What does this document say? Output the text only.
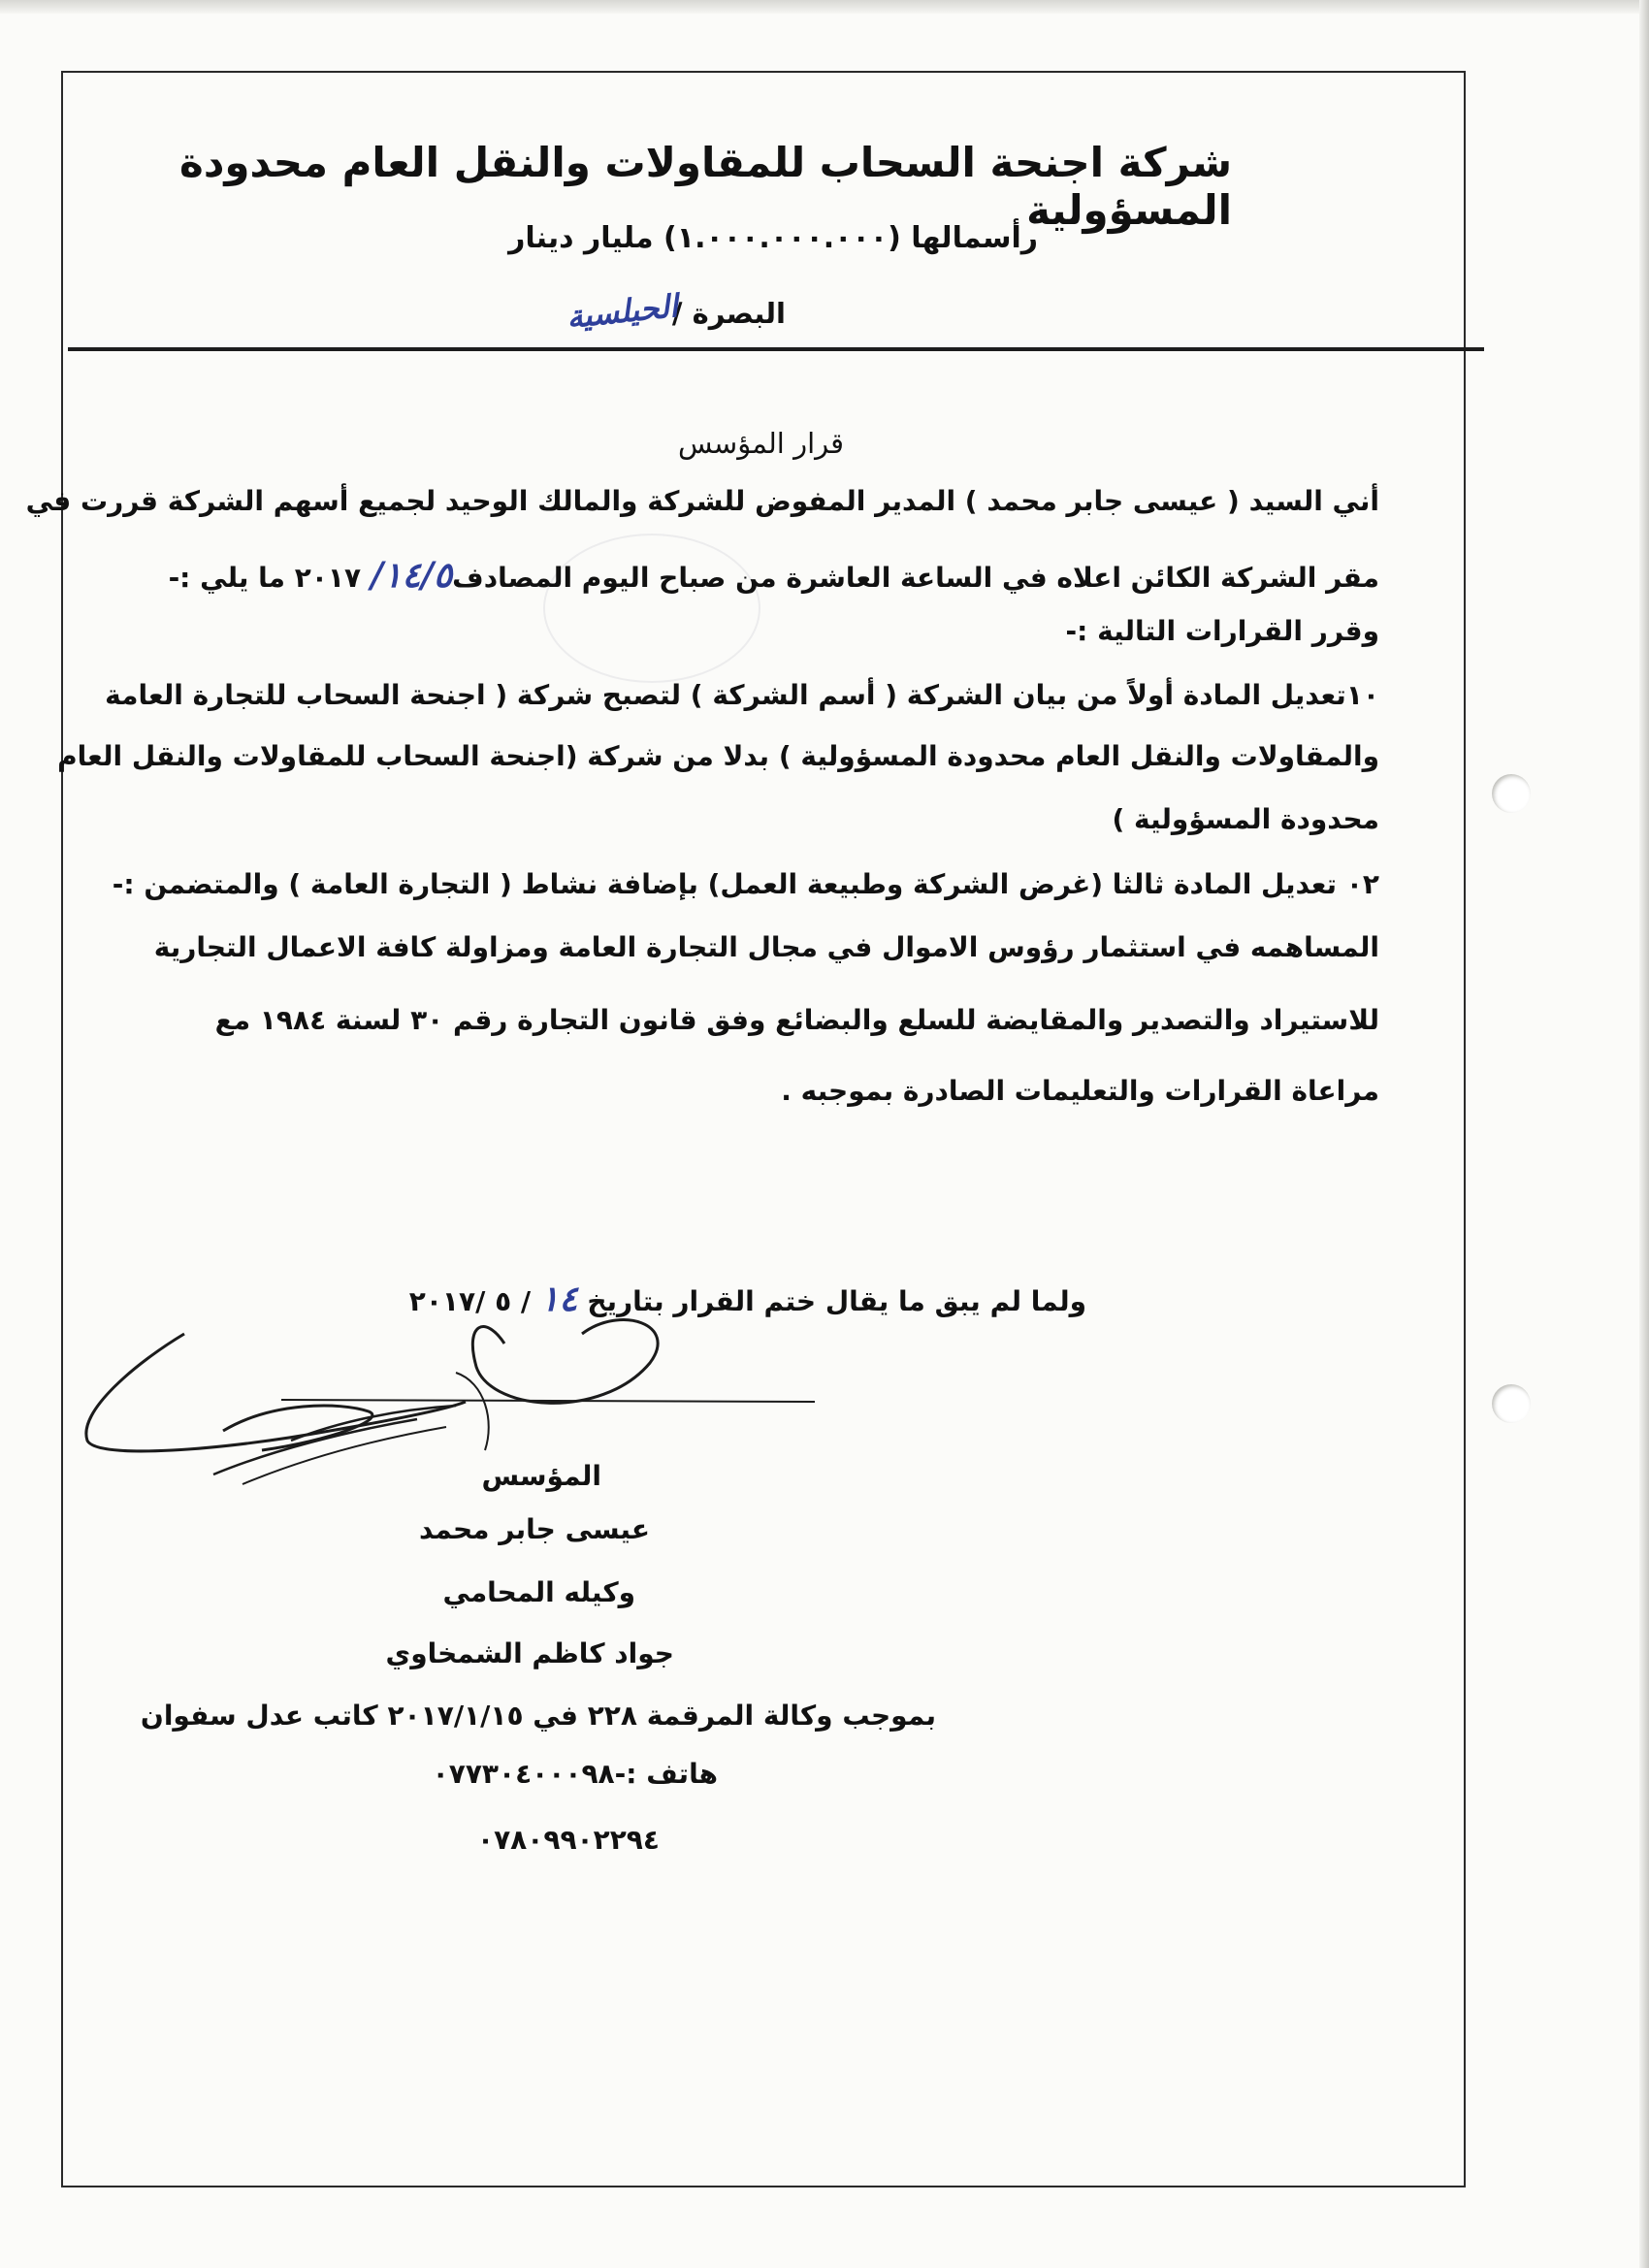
شركة اجنحة السحاب للمقاولات والنقل العام محدودة المسؤولية
رأسمالها (١.٠٠٠.٠٠٠.٠٠٠) مليار دينار
البصرة /
الحيلسية
قرار المؤسس
أني السيد ( عيسى جابر محمد ) المدير المفوض للشركة والمالك الوحيد لجميع أسهم الشركة قررت في
مقر الشركة الكائن اعلاه في الساعة العاشرة من صباح اليوم المصادف١٤/٥/ ٢٠١٧ ما يلي :-
وقرر القرارات التالية :-
١٠تعديل المادة أولاً من بيان الشركة ( أسم الشركة ) لتصبح شركة ( اجنحة السحاب للتجارة العامة
والمقاولات والنقل العام محدودة المسؤولية ) بدلا من شركة (اجنحة السحاب للمقاولات والنقل العام
محدودة المسؤولية )
٠٢ تعديل المادة ثالثا (غرض الشركة وطبيعة العمل) بإضافة نشاط ( التجارة العامة ) والمتضمن :-
المساهمه في استثمار رؤوس الاموال في مجال التجارة العامة ومزاولة كافة الاعمال التجارية
للاستيراد والتصدير والمقايضة للسلع والبضائع وفق قانون التجارة رقم ٣٠ لسنة ١٩٨٤ مع
مراعاة القرارات والتعليمات الصادرة بموجبه .
ولما لم يبق ما يقال ختم القرار بتاريخ ١٤ / ٥ /٢٠١٧
المؤسس
عيسى جابر محمد
وكيله المحامي
جواد كاظم الشمخاوي
بموجب وكالة المرقمة ٢٢٨ في ٢٠١٧/١/١٥ كاتب عدل سفوان
هاتف :-٠٧٧٣٠٤٠٠٠٩٨
٠٧٨٠٩٩٠٢٢٩٤
